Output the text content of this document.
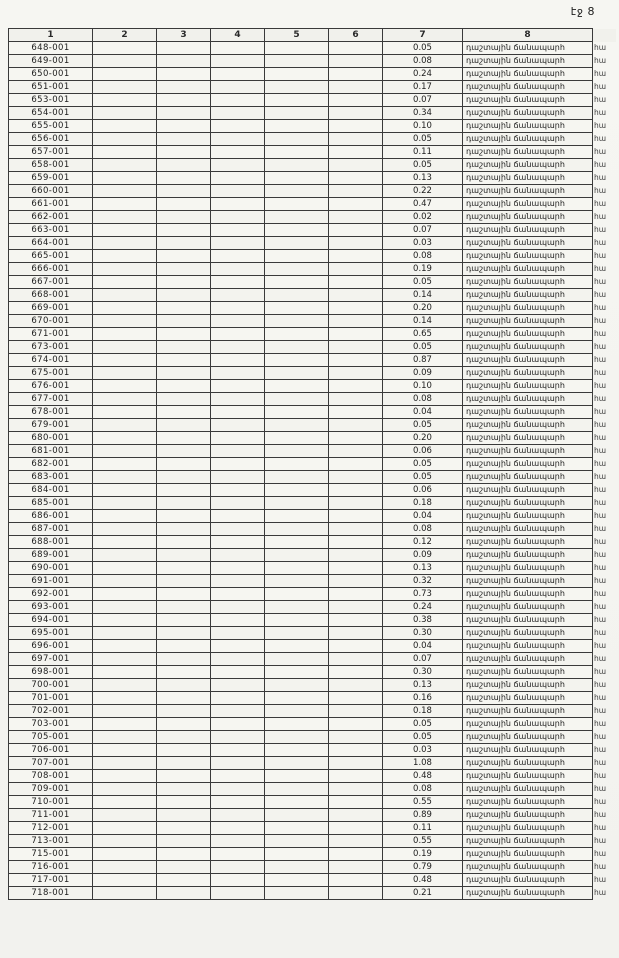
էջ 8
1	2	3	4	5	6	7	8	
648-001						0.05	դաշտային ճանապարհ	հա
649-001						0.08	դաշտային ճանապարհ	հա
650-001						0.24	դաշտային ճանապարհ	հա
651-001						0.17	դաշտային ճանապարհ	հա
653-001						0.07	դաշտային ճանապարհ	հա
654-001						0.34	դաշտային ճանապարհ	հա
655-001						0.10	դաշտային ճանապարհ	հա
656-001						0.05	դաշտային ճանապարհ	հա
657-001						0.11	դաշտային ճանապարհ	հա
658-001						0.05	դաշտային ճանապարհ	հա
659-001						0.13	դաշտային ճանապարհ	հա
660-001						0.22	դաշտային ճանապարհ	հա
661-001						0.47	դաշտային ճանապարհ	հա
662-001						0.02	դաշտային ճանապարհ	հա
663-001						0.07	դաշտային ճանապարհ	հա
664-001						0.03	դաշտային ճանապարհ	հա
665-001						0.08	դաշտային ճանապարհ	հա
666-001						0.19	դաշտային ճանապարհ	հա
667-001						0.05	դաշտային ճանապարհ	հա
668-001						0.14	դաշտային ճանապարհ	հա
669-001						0.20	դաշտային ճանապարհ	հա
670-001						0.14	դաշտային ճանապարհ	հա
671-001						0.65	դաշտային ճանապարհ	հա
673-001						0.05	դաշտային ճանապարհ	հա
674-001						0.87	դաշտային ճանապարհ	հա
675-001						0.09	դաշտային ճանապարհ	հա
676-001						0.10	դաշտային ճանապարհ	հա
677-001						0.08	դաշտային ճանապարհ	հա
678-001						0.04	դաշտային ճանապարհ	հա
679-001						0.05	դաշտային ճանապարհ	հա
680-001						0.20	դաշտային ճանապարհ	հա
681-001						0.06	դաշտային ճանապարհ	հա
682-001						0.05	դաշտային ճանապարհ	հա
683-001						0.05	դաշտային ճանապարհ	հա
684-001						0.06	դաշտային ճանապարհ	հա
685-001						0.18	դաշտային ճանապարհ	հա
686-001						0.04	դաշտային ճանապարհ	հա
687-001						0.08	դաշտային ճանապարհ	հա
688-001						0.12	դաշտային ճանապարհ	հա
689-001						0.09	դաշտային ճանապարհ	հա
690-001						0.13	դաշտային ճանապարհ	հա
691-001						0.32	դաշտային ճանապարհ	հա
692-001						0.73	դաշտային ճանապարհ	հա
693-001						0.24	դաշտային ճանապարհ	հա
694-001						0.38	դաշտային ճանապարհ	հա
695-001						0.30	դաշտային ճանապարհ	հա
696-001						0.04	դաշտային ճանապարհ	հա
697-001						0.07	դաշտային ճանապարհ	հա
698-001						0.30	դաշտային ճանապարհ	հա
700-001						0.13	դաշտային ճանապարհ	հա
701-001						0.16	դաշտային ճանապարհ	հա
702-001						0.18	դաշտային ճանապարհ	հա
703-001						0.05	դաշտային ճանապարհ	հա
705-001						0.05	դաշտային ճանապարհ	հա
706-001						0.03	դաշտային ճանապարհ	հա
707-001						1.08	դաշտային ճանապարհ	հա
708-001						0.48	դաշտային ճանապարհ	հա
709-001						0.08	դաշտային ճանապարհ	հա
710-001						0.55	դաշտային ճանապարհ	հա
711-001						0.89	դաշտային ճանապարհ	հա
712-001						0.11	դաշտային ճանապարհ	հա
713-001						0.55	դաշտային ճանապարհ	հա
715-001						0.19	դաշտային ճանապարհ	հա
716-001						0.79	դաշտային ճանապարհ	հա
717-001						0.48	դաշտային ճանապարհ	հա
718-001						0.21	դաշտային ճանապարհ	հա
